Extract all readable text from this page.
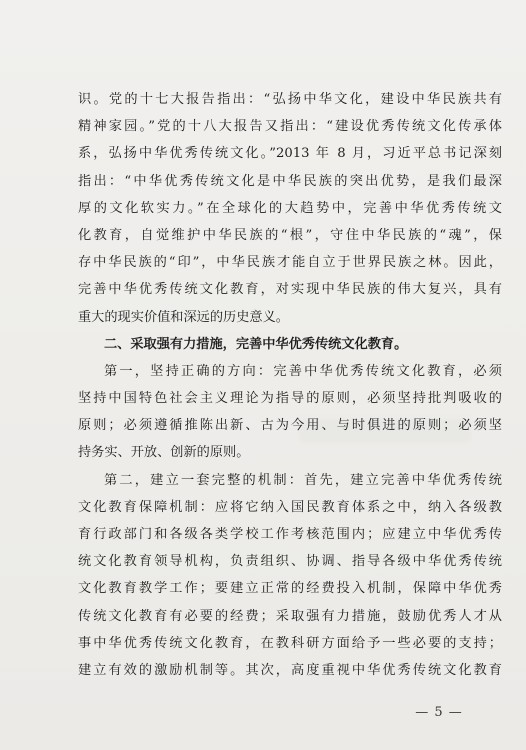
识。党的十七大报告指出：“弘扬中华文化，建设中华民族共有
精神家园。”党的十八大报告又指出：“建设优秀传统文化传承体
系，弘扬中华优秀传统文化。”2013 年 8 月，习近平总书记深刻
指出：“中华优秀传统文化是中华民族的突出优势，是我们最深
厚的文化软实力。”在全球化的大趋势中，完善中华优秀传统文
化教育，自觉维护中华民族的“根”，守住中华民族的“魂”，保
存中华民族的“印”，中华民族才能自立于世界民族之林。因此，
完善中华优秀传统文化教育，对实现中华民族的伟大复兴，具有
重大的现实价值和深远的历史意义。
二、采取强有力措施，完善中华优秀传统文化教育。
第一，坚持正确的方向：完善中华优秀传统文化教育，必须
坚持中国特色社会主义理论为指导的原则，必须坚持批判吸收的
原则；必须遵循推陈出新、古为今用、与时俱进的原则；必须坚
持务实、开放、创新的原则。
第二，建立一套完整的机制：首先，建立完善中华优秀传统
文化教育保障机制：应将它纳入国民教育体系之中，纳入各级教
育行政部门和各级各类学校工作考核范围内；应建立中华优秀传
统文化教育领导机构，负责组织、协调、指导各级中华优秀传统
文化教育教学工作；要建立正常的经费投入机制，保障中华优秀
传统文化教育有必要的经费；采取强有力措施，鼓励优秀人才从
事中华优秀传统文化教育，在教科研方面给予一些必要的支持；
建立有效的激励机制等。其次，高度重视中华优秀传统文化教育
— 5 —
